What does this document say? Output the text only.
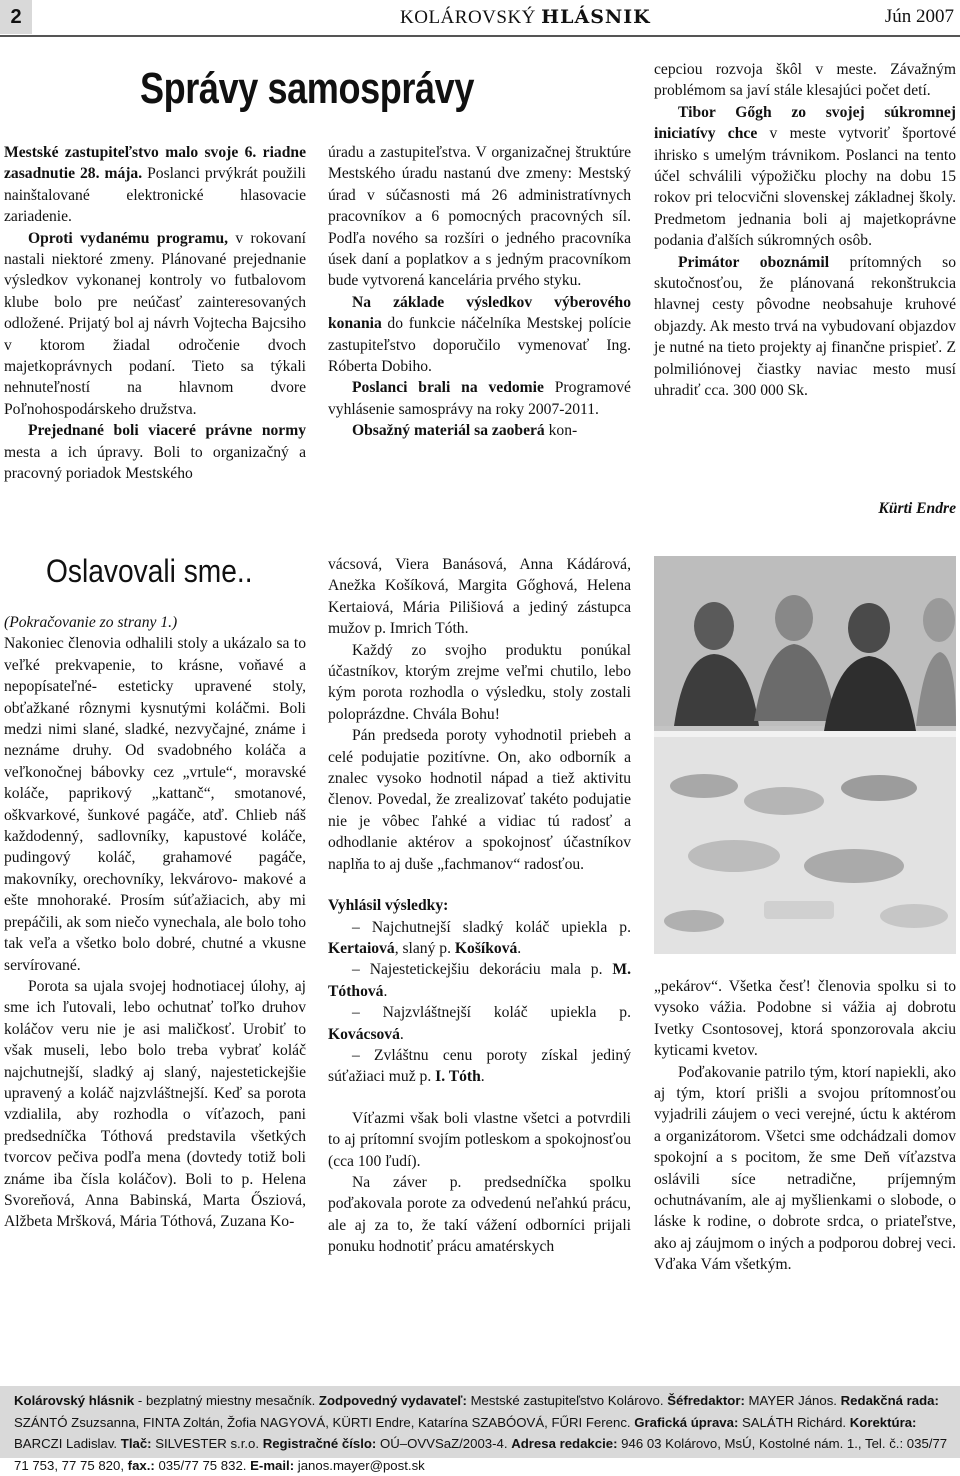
2	KOLÁROVSKÝ HLÁSNIK	Jún 2007
Správy samosprávy

Mestské zastupiteľstvo malo svoje 6. riadne zasadnutie 28. mája. Poslanci prvýkrát použili nainštalované elektronické hlasovacie zariadenie.

Oproti vydanému programu, v rokovaní nastali niektoré zmeny. Plánované prejednanie výsledkov vykonanej kontroly vo futbalovom klube bolo pre neúčasť zainteresovaných odložené. Prijatý bol aj návrh Vojtecha Bajcsiho v ktorom žiadal odročenie dvoch majetkoprávnych podaní. Tieto sa týkali nehnuteľností na hlavnom dvore Poľnohospodárskeho družstva.

Prejednané boli viaceré právne normy mesta a ich úpravy. Boli to organizačný a pracovný poriadok Mestského

úradu a zastupiteľstva. V organizačnej štruktúre Mestského úradu nastanú dve zmeny: Mestský úrad v súčasnosti má 26 administratívnych pracovníkov a 6 pomocných pracovných síl. Podľa nového sa rozšíri o jedného pracovníka úsek daní a poplatkov a s jedným pracovníkom bude vytvorená kancelária prvého styku.

Na základe výsledkov výberového konania do funkcie náčelníka Mestskej polície zastupiteľstvo doporučilo vymenovať Ing. Róberta Dobiho.

Poslanci brali na vedomie Programové vyhlásenie samosprávy na roky 2007-2011.

Obsažný materiál sa zaoberá kon-

cepciou rozvoja škôl v meste. Závažným problémom sa javí stále klesajúci počet detí.

Tibor Gőgh zo svojej súkromnej iniciatívy chce v meste vytvoriť športové ihrisko s umelým trávnikom. Poslanci na tento účel schválili výpožičku plochy na dobu 15 rokov pri telocvični slovenskej základnej školy. Predmetom jednania boli aj majetkoprávne podania ďalších súkromných osôb.

Primátor oboznámil prítomných so skutočnosťou, že plánovaná rekonštrukcia hlavnej cesty pôvodne neobsahuje kruhové objazdy. Ak mesto trvá na vybudovaní objazdov je nutné na tieto projekty aj finančne prispieť. Z polmiliónovej čiastky naviac mesto musí uhradiť cca. 300 000 Sk.

Kürti Endre
Oslavovali sme..

(Pokračovanie zo strany 1.)

Nakoniec členovia odhalili stoly a ukázalo sa to veľké prekvapenie, to krásne, voňavé a nepopísateľné- esteticky upravené stoly, obťažkané rôznymi kysnutými koláčmi. Boli medzi nimi slané, sladké, nezvyčajné, známe i neznáme druhy. Od svadobného koláča a veľkonočnej bábovky cez „vrtule“, moravské koláče, paprikový „kattanč“, smotanové, oškvarkové, šunkové pagáče, atď. Chlieb náš každodenný, sadlovníky, kapustové koláče, pudingový koláč, grahamové pagáče, makovníky, orechovníky, lekvárovo- makové a ešte mnohoraké. Prosím súťažiacich, aby mi prepáčili, ak som niečo vynechala, ale bolo toho tak veľa a všetko bolo dobré, chutné a vkusne servírované.

Porota sa ujala svojej hodnotiacej úlohy, aj sme ich ľutovali, lebo ochutnať toľko druhov koláčov veru nie je asi maličkosť. Urobiť to však museli, lebo bolo treba vybrať koláč najchutnejší, sladký aj slaný, najestetickejšie upravený a koláč najzvláštnejší. Keď sa porota vzdialila, aby rozhodla o víťazoch, pani predsedníčka Tóthová predstavila všetkých tvorcov pečiva podľa mena (dovtedy totiž boli známe iba čísla koláčov). Boli to p. Helena Svoreňová, Anna Babinská, Marta Ősziová, Alžbeta Mršková, Mária Tóthová, Zuzana Ko-

vácsová, Viera Banásová, Anna Kádárová, Anežka Košíková, Margita Gőghová, Helena Kertaiová, Mária Pilišiová a jediný zástupca mužov p. Imrich Tóth.

Každý zo svojho produktu ponúkal účastníkov, ktorým zrejme veľmi chutilo, lebo kým porota rozhodla o výsledku, stoly zostali poloprázdne. Chvála Bohu!

Pán predseda poroty vyhodnotil priebeh a celé podujatie pozitívne. On, ako odborník a znalec vysoko hodnotil nápad a tiež aktivitu členov. Povedal, že zrealizovať takéto podujatie nie je vôbec ľahké a vidiac tú radosť a odhodlanie aktérov a spokojnosť účastníkov naplňa to aj duše „fachmanov“ radosťou.

Vyhlásil výsledky:

– Najchutnejší sladký koláč upiekla p. Kertaiová, slaný p. Košíková.

– Najestetickejšiu dekoráciu mala p. M. Tóthová.

– Najzvláštnejší koláč upiekla p. Kovácsová.

– Zvláštnu cenu poroty získal jediný súťažiaci muž p. I. Tóth.

Víťazmi však boli vlastne všetci a potvrdili to aj prítomní svojím potleskom a spokojnosťou (cca 100 ľudí).

Na záver p. predsedníčka spolku poďakovala porote za odvedenú neľahkú prácu, ale aj za to, že takí vážení odborníci prijali ponuku hodnotiť prácu amatérskych

„pekárov“. Všetka česť! členovia spolku si to vysoko vážia. Podobne si vážia aj dobrotu Ivetky Csontosovej, ktorá sponzorovala akciu kyticami kvetov.

Poďakovanie patrilo tým, ktorí napiekli, ako aj tým, ktorí prišli a svojou prítomnosťou vyjadrili záujem o veci verejné, úctu k aktérom a organizátorom. Všetci sme odchádzali domov spokojní a s pocitom, že sme Deň víťazstva oslávili síce netradične, príjemným ochutnávaním, ale aj myšlienkami o slobode, o láske k rodine, o dobrote srdca, o priateľstve, ako aj záujmom o iných a podporou dobrej veci. Vďaka Vám všetkým.

Kolárovský hlásnik - bezplatný miestny mesačník. Zodpovedný vydavateľ: Mestské zastupiteľstvo Kolárovo. Šéfredaktor: MAYER János. Redakčná rada: SZÁNTÓ Zsuzsanna, FINTA Zoltán, Žofia NAGYOVÁ, KÜRTI Endre, Katarína SZABÓOVÁ, FŰRI Ferenc. Grafická úprava: SALÁTH Richárd. Korektúra: BARCZI Ladislav. Tlač: SILVESTER s.r.o. Registračné číslo: OÚ–OVVSaZ/2003-4. Adresa redakcie: 946 03 Kolárovo, MsÚ, Kostolné nám. 1., Tel. č.: 035/77 71 753, 77 75 820, fax.: 035/77 75 832. E-mail: janos.mayer@post.sk
